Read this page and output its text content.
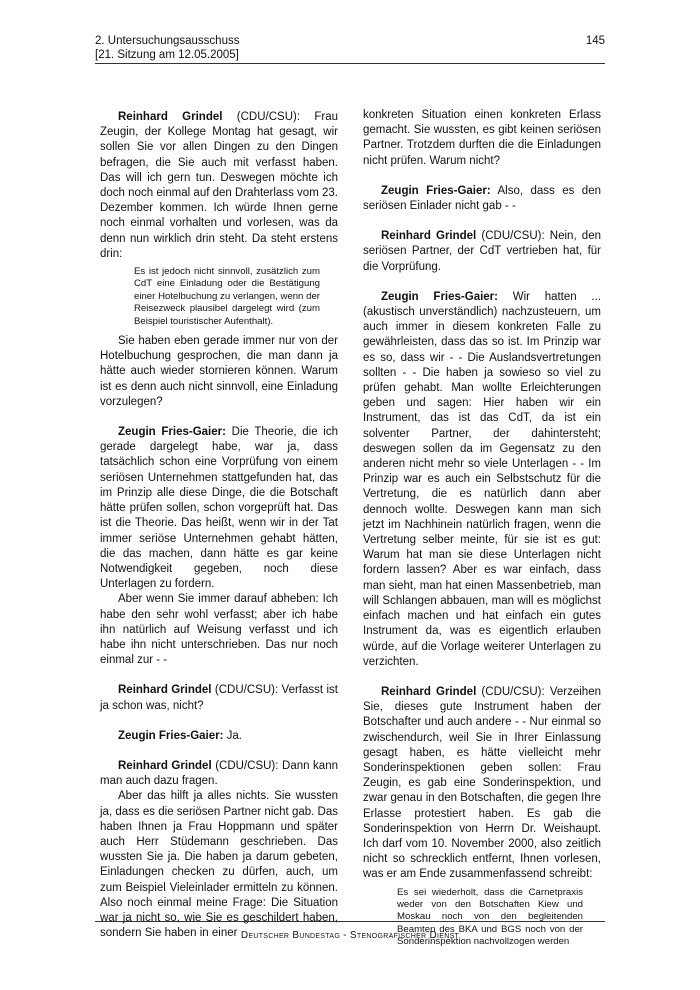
2. Untersuchungsausschuss
[21. Sitzung am 12.05.2005]
145

Reinhard Grindel (CDU/CSU): Frau Zeugin, der Kollege Montag hat gesagt, wir sollen Sie vor allen Dingen zu den Dingen befragen, die Sie auch mit verfasst haben. Das will ich gern tun. Deswegen möchte ich doch noch einmal auf den Drahterlass vom 23. Dezember kommen. Ich würde Ihnen gerne noch einmal vorhalten und vorlesen, was da denn nun wirklich drin steht. Da steht erstens drin:

Es ist jedoch nicht sinnvoll, zusätzlich zum CdT eine Einladung oder die Bestätigung einer Hotelbuchung zu verlangen, wenn der Reisezweck plausibel dargelegt wird (zum Beispiel touristischer Aufenthalt).

Sie haben eben gerade immer nur von der Hotelbuchung gesprochen, die man dann ja hätte auch wieder stornieren können. Warum ist es denn auch nicht sinnvoll, eine Einladung vorzulegen?

Zeugin Fries-Gaier: Die Theorie, die ich gerade dargelegt habe, war ja, dass tatsächlich schon eine Vorprüfung von einem seriösen Unternehmen stattgefunden hat, das im Prinzip alle diese Dinge, die die Botschaft hätte prüfen sollen, schon vorgeprüft hat. Das ist die Theorie. Das heißt, wenn wir in der Tat immer seriöse Unternehmen gehabt hätten, die das machen, dann hätte es gar keine Notwendigkeit gegeben, noch diese Unterlagen zu fordern.

Aber wenn Sie immer darauf abheben: Ich habe den sehr wohl verfasst; aber ich habe ihn natürlich auf Weisung verfasst und ich habe ihn nicht unterschrieben. Das nur noch einmal zur - -

Reinhard Grindel (CDU/CSU): Verfasst ist ja schon was, nicht?

Zeugin Fries-Gaier: Ja.

Reinhard Grindel (CDU/CSU): Dann kann man auch dazu fragen.

Aber das hilft ja alles nichts. Sie wussten ja, dass es die seriösen Partner nicht gab. Das haben Ihnen ja Frau Hoppmann und später auch Herr Stüdemann geschrieben. Das wussten Sie ja. Die haben ja darum gebeten, Einladungen checken zu dürfen, auch, um zum Beispiel Vieleinlader ermitteln zu können. Also noch einmal meine Frage: Die Situation war ja nicht so, wie Sie es geschildert haben, sondern Sie haben in einer

konkreten Situation einen konkreten Erlass gemacht. Sie wussten, es gibt keinen seriösen Partner. Trotzdem durften die die Einladungen nicht prüfen. Warum nicht?

Zeugin Fries-Gaier: Also, dass es den seriösen Einlader nicht gab - -

Reinhard Grindel (CDU/CSU): Nein, den seriösen Partner, der CdT vertrieben hat, für die Vorprüfung.

Zeugin Fries-Gaier: Wir hatten ... (akustisch unverständlich) nachzusteuern, um auch immer in diesem konkreten Falle zu gewährleisten, dass das so ist. Im Prinzip war es so, dass wir - - Die Auslandsvertretungen sollten - - Die haben ja sowieso so viel zu prüfen gehabt. Man wollte Erleichterungen geben und sagen: Hier haben wir ein Instrument, das ist das CdT, da ist ein solventer Partner, der dahintersteht; deswegen sollen da im Gegensatz zu den anderen nicht mehr so viele Unterlagen - - Im Prinzip war es auch ein Selbstschutz für die Vertretung, die es natürlich dann aber dennoch wollte. Deswegen kann man sich jetzt im Nachhinein natürlich fragen, wenn die Vertretung selber meinte, für sie ist es gut: Warum hat man sie diese Unterlagen nicht fordern lassen? Aber es war einfach, dass man sieht, man hat einen Massenbetrieb, man will Schlangen abbauen, man will es möglichst einfach machen und hat einfach ein gutes Instrument da, was es eigentlich erlauben würde, auf die Vorlage weiterer Unterlagen zu verzichten.

Reinhard Grindel (CDU/CSU): Verzeihen Sie, dieses gute Instrument haben der Botschafter und auch andere - - Nur einmal so zwischendurch, weil Sie in Ihrer Einlassung gesagt haben, es hätte vielleicht mehr Sonderinspektionen geben sollen: Frau Zeugin, es gab eine Sonderinspektion, und zwar genau in den Botschaften, die gegen Ihre Erlasse protestiert haben. Es gab die Sonderinspektion von Herrn Dr. Weishaupt. Ich darf vom 10. November 2000, also zeitlich nicht so schrecklich entfernt, Ihnen vorlesen, was er am Ende zusammenfassend schreibt:

Es sei wiederholt, dass die Carnetpraxis weder von den Botschaften Kiew und Moskau noch von den begleitenden Beamten des BKA und BGS noch von der Sonderinspektion nachvollzogen werden
Deutscher Bundestag - Stenografischer Dienst
